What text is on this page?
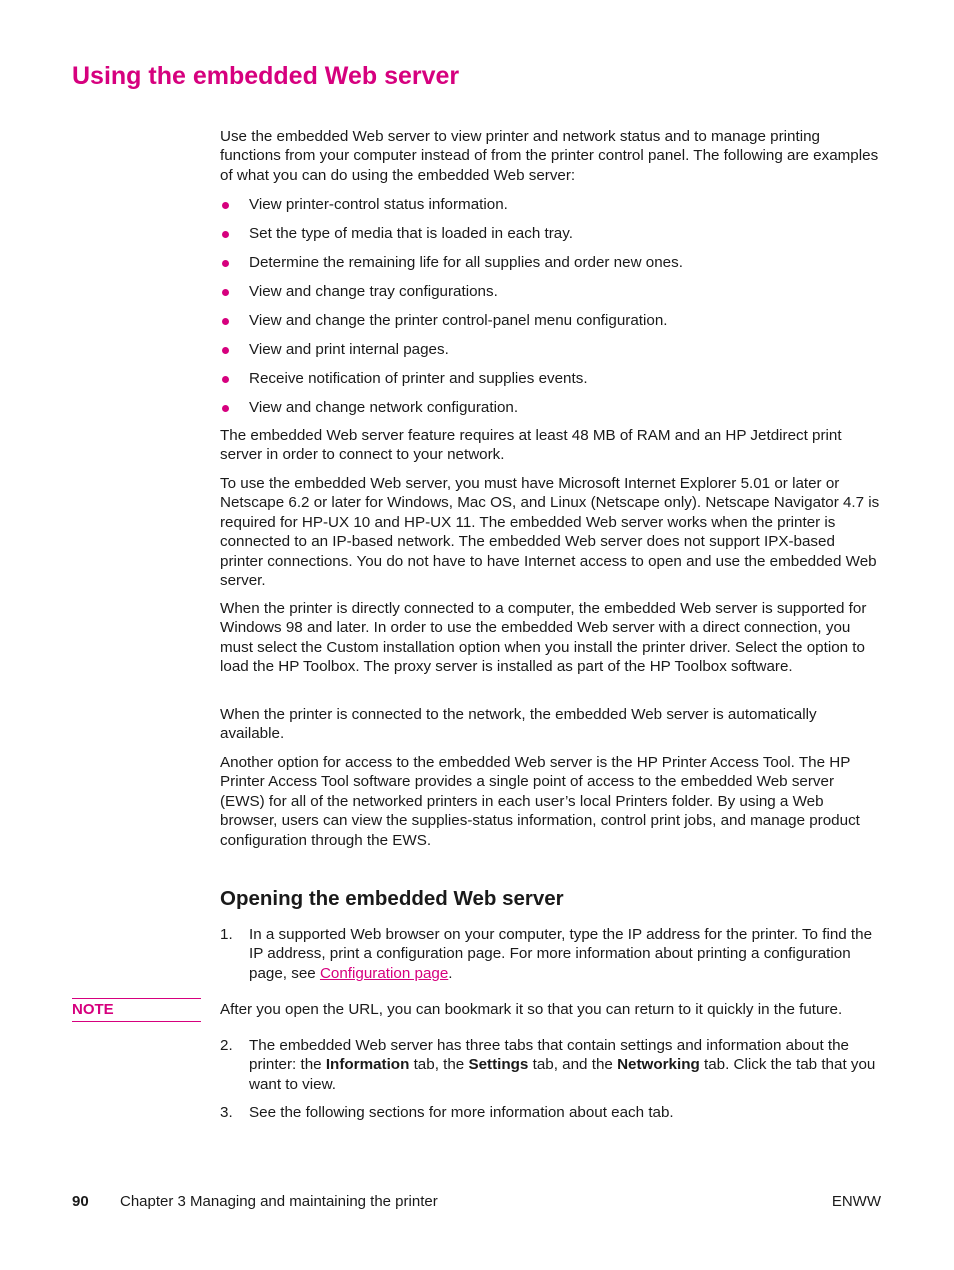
Using the embedded Web server

Use the embedded Web server to view printer and network status and to manage printing functions from your computer instead of from the printer control panel. The following are examples of what you can do using the embedded Web server:

View printer-control status information.
Set the type of media that is loaded in each tray.
Determine the remaining life for all supplies and order new ones.
View and change tray configurations.
View and change the printer control-panel menu configuration.
View and print internal pages.
Receive notification of printer and supplies events.
View and change network configuration.

The embedded Web server feature requires at least 48 MB of RAM and an HP Jetdirect print server in order to connect to your network.

To use the embedded Web server, you must have Microsoft Internet Explorer 5.01 or later or Netscape 6.2 or later for Windows, Mac OS, and Linux (Netscape only). Netscape Navigator 4.7 is required for HP-UX 10 and HP-UX 11. The embedded Web server works when the printer is connected to an IP-based network. The embedded Web server does not support IPX-based printer connections. You do not have to have Internet access to open and use the embedded Web server.

When the printer is directly connected to a computer, the embedded Web server is supported for Windows 98 and later. In order to use the embedded Web server with a direct connection, you must select the Custom installation option when you install the printer driver. Select the option to load the HP Toolbox. The proxy server is installed as part of the HP Toolbox software.

When the printer is connected to the network, the embedded Web server is automatically available.

Another option for access to the embedded Web server is the HP Printer Access Tool. The HP Printer Access Tool software provides a single point of access to the embedded Web server (EWS) for all of the networked printers in each user’s local Printers folder. By using a Web browser, users can view the supplies-status information, control print jobs, and manage product configuration through the EWS.

Opening the embedded Web server
1. In a supported Web browser on your computer, type the IP address for the printer. To find the IP address, print a configuration page. For more information about printing a configuration page, see Configuration page.
NOTE	After you open the URL, you can bookmark it so that you can return to it quickly in the future.
2. The embedded Web server has three tabs that contain settings and information about the printer: the Information tab, the Settings tab, and the Networking tab. Click the tab that you want to view.
3. See the following sections for more information about each tab.
90 Chapter 3 Managing and maintaining the printer	ENWW
